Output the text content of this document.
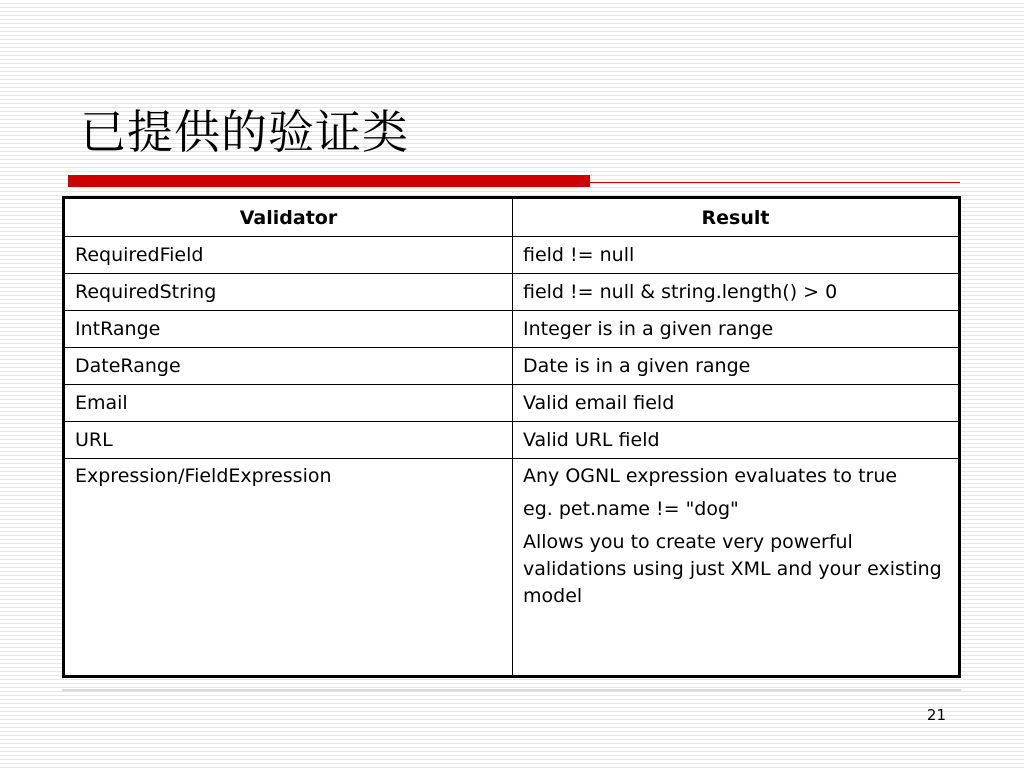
已提供的验证类
Validator	Result
RequiredField	field != null
RequiredString	field != null & string.length() > 0
IntRange	Integer is in a given range
DateRange	Date is in a given range
Email	Valid email field
URL	Valid URL field

Expression/FieldExpression	Any OGNL expression evaluates to true

eg. pet.name != "dog"

Allows you to create very powerful validations using just XML and your existing model

21
